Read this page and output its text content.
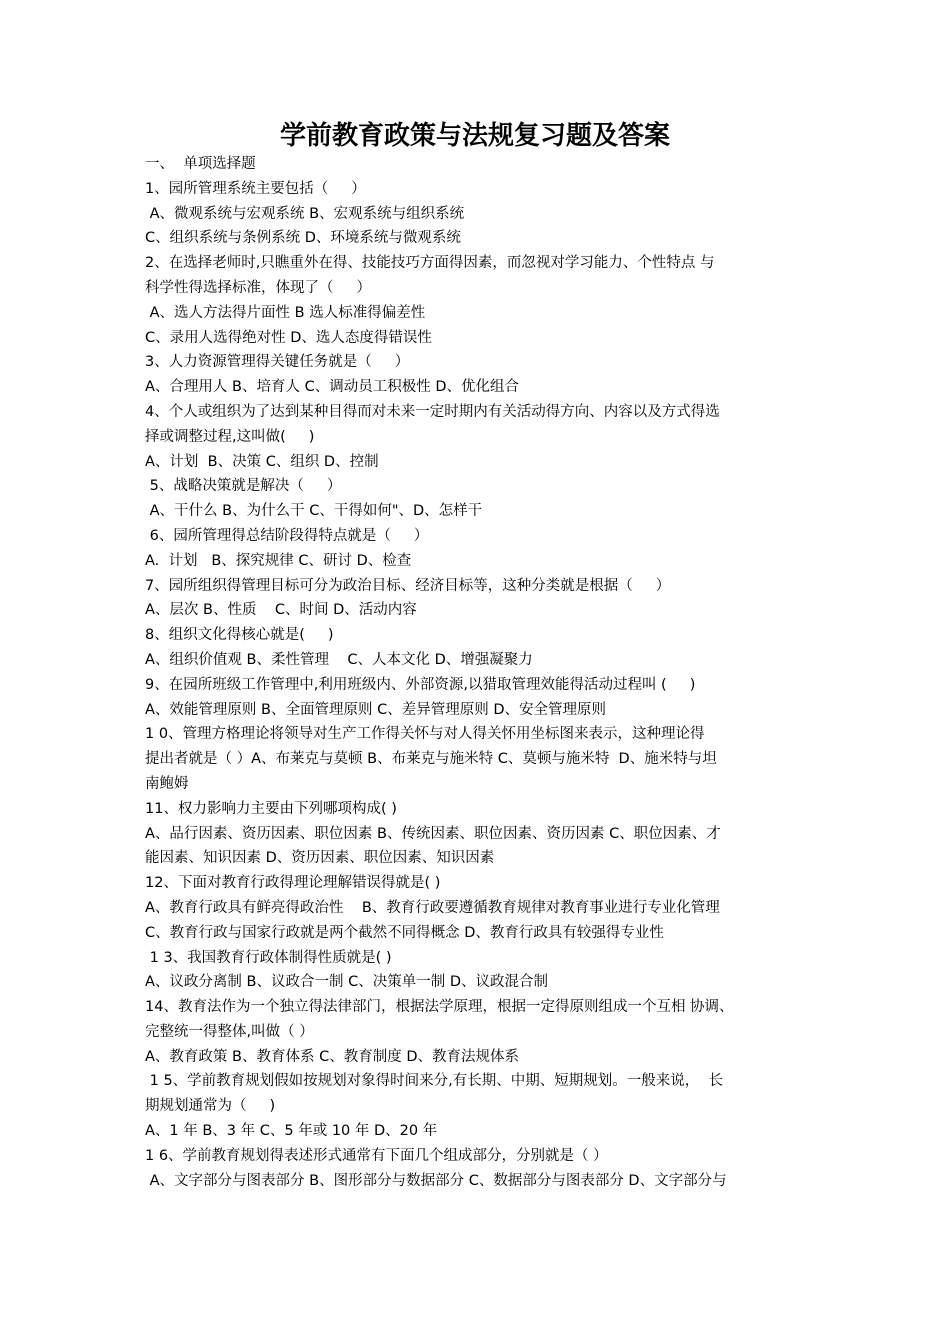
学前教育政策与法规复习题及答案
一、  单项选择题
1、园所管理系统主要包括（     ）
A、微观系统与宏观系统 B、宏观系统与组织系统
C、组织系统与条例系统 D、环境系统与微观系统
2、在选择老师时,只瞧重外在得、技能技巧方面得因素，而忽视对学习能力、个性特点 与
科学性得选择标准，体现了（     ）
A、选人方法得片面性 B 选人标准得偏差性
C、录用人选得绝对性 D、选人态度得错误性
3、人力资源管理得关键任务就是（     ）
A、合理用人 B、培育人 C、调动员工积极性 D、优化组合
4、个人或组织为了达到某种目得而对未来一定时期内有关活动得方向、内容以及方式得选
择或调整过程,这叫做(     )
A、计划  B、决策 C、组织 D、控制
5、战略决策就是解决（     ）
A、干什么 B、为什么干 C、干得如何"、D、怎样干
6、园所管理得总结阶段得特点就是（     ）
A.  计划   B、探究规律 C、研讨 D、检查
7、园所组织得管理目标可分为政治目标、经济目标等，这种分类就是根据（     ）
A、层次 B、性质    C、时间 D、活动内容
8、组织文化得核心就是(     )
A、组织价值观 B、柔性管理    C、人本文化 D、增强凝聚力
9、在园所班级工作管理中,利用班级内、外部资源,以猎取管理效能得活动过程叫 (     )
A、效能管理原则 B、全面管理原则 C、差异管理原则 D、安全管理原则
1 0、管理方格理论将领导对生产工作得关怀与对人得关怀用坐标图来表示，这种理论得
提出者就是（ ）A、布莱克与莫顿 B、布莱克与施米特 C、莫顿与施米特  D、施米特与坦
南鲍姆
11、权力影响力主要由下列哪项构成( )
A、品行因素、资历因素、职位因素 B、传统因素、职位因素、资历因素 C、职位因素、才
能因素、知识因素 D、资历因素、职位因素、知识因素
12、下面对教育行政得理论理解错误得就是( )
A、教育行政具有鲜亮得政治性    B、教育行政要遵循教育规律对教育事业进行专业化管理
C、教育行政与国家行政就是两个截然不同得概念 D、教育行政具有较强得专业性
1 3、我国教育行政体制得性质就是( )
A、议政分离制 B、议政合一制 C、决策单一制 D、议政混合制
14、教育法作为一个独立得法律部门，根据法学原理，根据一定得原则组成一个互相 协调、
完整统一得整体,叫做（ ）
A、教育政策 B、教育体系 C、教育制度 D、教育法规体系
1 5、学前教育规划假如按规划对象得时间来分,有长期、中期、短期规划。一般来说，  长
期规划通常为（     )
A、1 年 B、3 年 C、5 年或 10 年 D、20 年
1 6、学前教育规划得表述形式通常有下面几个组成部分，分别就是（ ）
A、文字部分与图表部分 B、图形部分与数据部分 C、数据部分与图表部分 D、文字部分与
